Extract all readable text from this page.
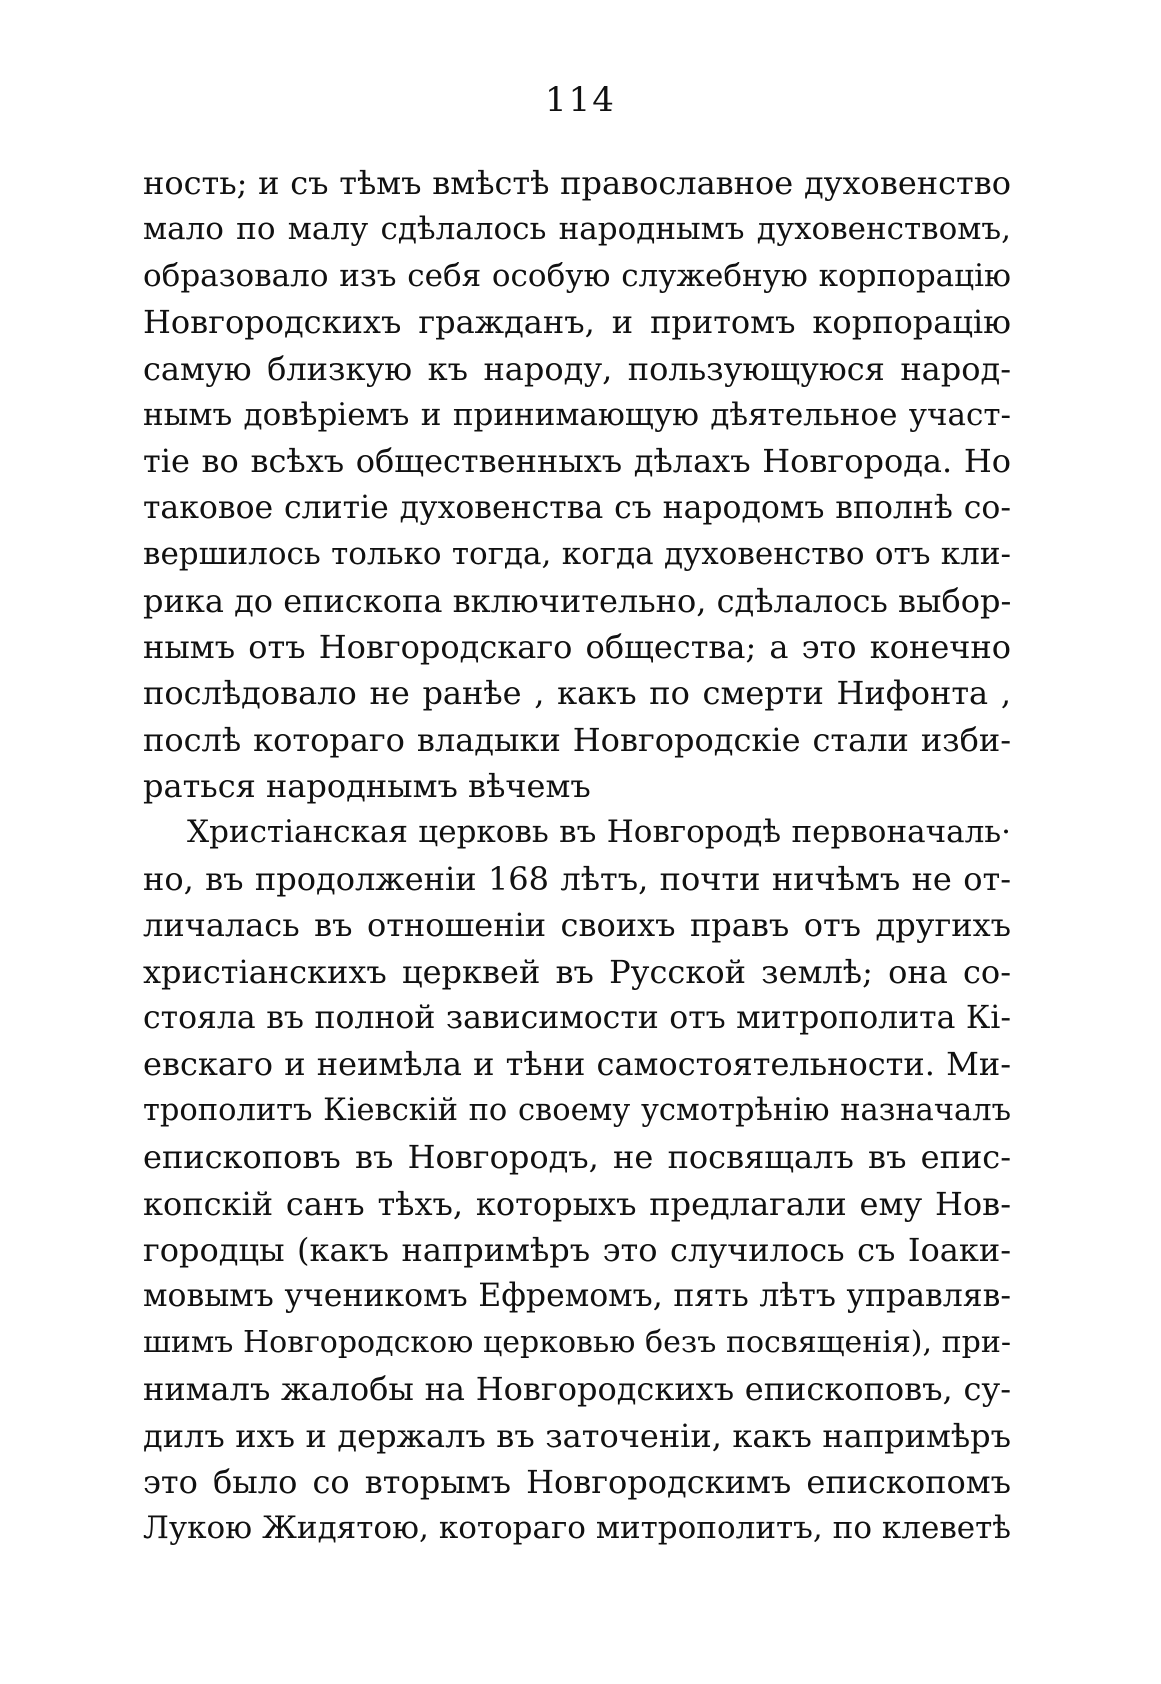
114
ность; и съ тѣмъ вмѣстѣ православное духовенство
мало по малу сдѣлалось народнымъ духовенствомъ,
образовало изъ себя особую служебную корпорацію
Новгородскихъ гражданъ, и притомъ корпорацію
самую близкую къ народу, пользующуюся народ-
нымъ довѣріемъ и принимающую дѣятельное участ-
тіе во всѣхъ общественныхъ дѣлахъ Новгорода. Но
таковое слитіе духовенства съ народомъ вполнѣ со-
вершилось только тогда, когда духовенство отъ кли-
рика до епископа включительно, сдѣлалось выбор-
нымъ отъ Новгородскаго общества; а это конечно
послѣдовало не ранѣе , какъ по смерти Нифонта ,
послѣ котораго владыки Новгородскіе стали изби-
раться народнымъ вѣчемъ
Христіанская церковь въ Новгородѣ первоначаль·
но, въ продолженіи 168 лѣтъ, почти ничѣмъ не от-
личалась въ отношеніи своихъ правъ отъ другихъ
христіанскихъ церквей въ Русской землѣ; она со-
стояла въ полной зависимости отъ митрополита Кі-
евскаго и неимѣла и тѣни самостоятельности. Ми-
трополитъ Кіевскій по своему усмотрѣнію назначалъ
епископовъ въ Новгородъ, не посвящалъ въ епис-
копскій санъ тѣхъ, которыхъ предлагали ему Нов-
городцы (какъ напримѣръ это случилось съ Іоаки-
мовымъ ученикомъ Ефремомъ, пять лѣтъ управляв-
шимъ Новгородскою церковью безъ посвященія), при-
нималъ жалобы на Новгородскихъ епископовъ, су-
дилъ ихъ и держалъ въ заточеніи, какъ напримѣръ
это было со вторымъ Новгородскимъ епископомъ
Лукою Жидятою, котораго митрополитъ, по клеветѣ
